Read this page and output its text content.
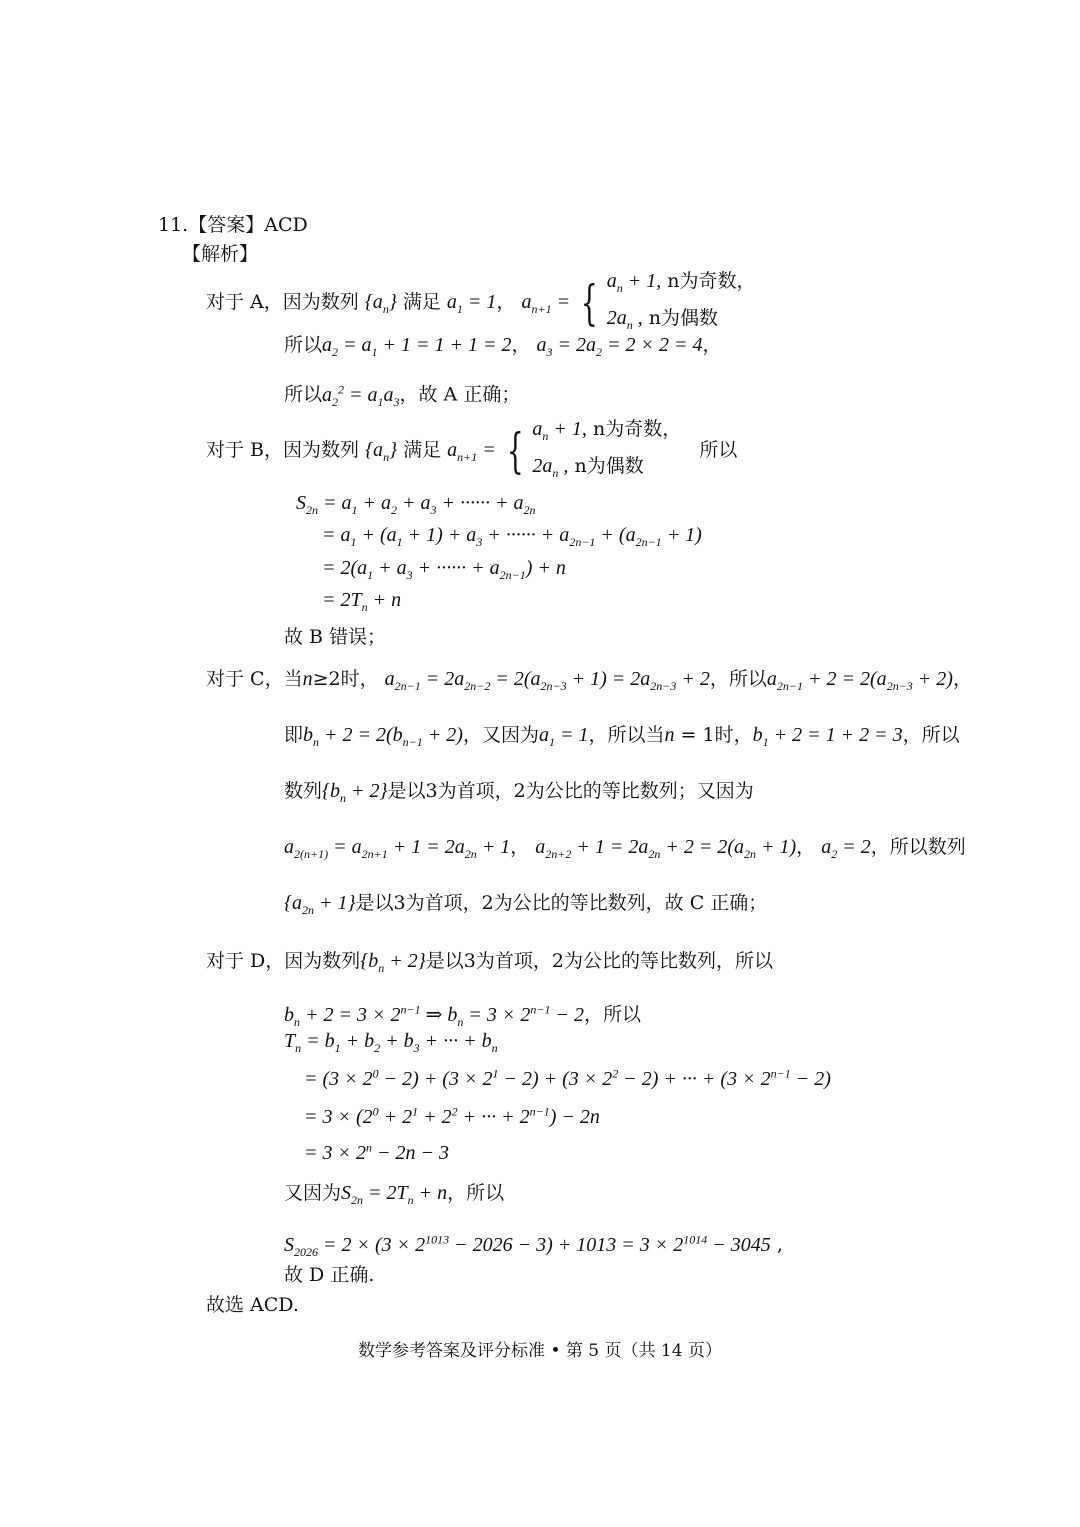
11.【答案】ACD
【解析】
对于 A，因为数列 $\{a_n\}$ 满足 $a_1 = 1$， $a_{n+1}$ = { $a_n + 1$, n为奇数，
$2a_n$ , n为偶数
所以$a_2 = a_1 + 1 = 1 + 1 = 2$， $a_3 = 2a_2 = 2 \times 2 = 4$，
所以$a_2^2 = a_1a_3$，故 A 正确；
对于 B，因为数列 $\{a_n\}$ 满足 $a_{n+1}$ = { $a_n + 1$, n为奇数，
$2a_n$ , n为偶数
所以
$S_{2n} = a_1 + a_2 + a_3$ + ······ + $a_{2n}$
= $a_1 + (a_1 + 1) + a_3$ + ······ + $a_{2n-1} + (a_{2n-1} + 1)$
= $2(a_1 + a_3$ + ······ + $a_{2n-1}) + n$
= $2T_n + n$
故 B 错误；
对于 C，当n≥2时， $a_{2n-1} = 2a_{2n-2} = 2(a_{2n-3} + 1) = 2a_{2n-3} + 2$，所以$a_{2n-1} + 2 = 2(a_{2n-3} + 2)$，
即$b_n + 2 = 2(b_{n-1} + 2)$，又因为$a_1 = 1$，所以当n = 1时，$b_1 + 2 = 1 + 2 = 3$，所以
数列$\{b_n + 2\}$是以3为首项，2为公比的等比数列；又因为
$a_{2(n+1)} = a_{2n+1} + 1 = 2a_{2n} + 1$， $a_{2n+2} + 1 = 2a_{2n} + 2 = 2(a_{2n} + 1)$， $a_2 = 2$，所以数列
$\{a_{2n} + 1\}$是以3为首项，2为公比的等比数列，故 C 正确；
对于 D，因为数列$\{b_n + 2\}$是以3为首项，2为公比的等比数列，所以
$b_n + 2 = 3 \times 2^{n-1}$ ⇒ $b_n = 3 \times 2^{n-1} - 2$，所以
$T_n = b_1 + b_2 + b_3$ + ··· + $b_n$
= $(3 \times 2^0 - 2) + (3 \times 2^1 - 2) + (3 \times 2^2 - 2)$ + ··· + $(3 \times 2^{n-1} - 2)$
= $3 \times (2^0 + 2^1 + 2^2$ + ··· + $2^{n-1}) - 2n$
= $3 \times 2^n - 2n - 3$
又因为$S_{2n} = 2T_n + n$，所以
$S_{2026} = 2 \times (3 \times 2^{1013} - 2026 - 3) + 1013 = 3 \times 2^{1014} - 3045$ ,
故 D 正确.
故选 ACD.
数学参考答案及评分标准 • 第 5 页（共 14 页）
